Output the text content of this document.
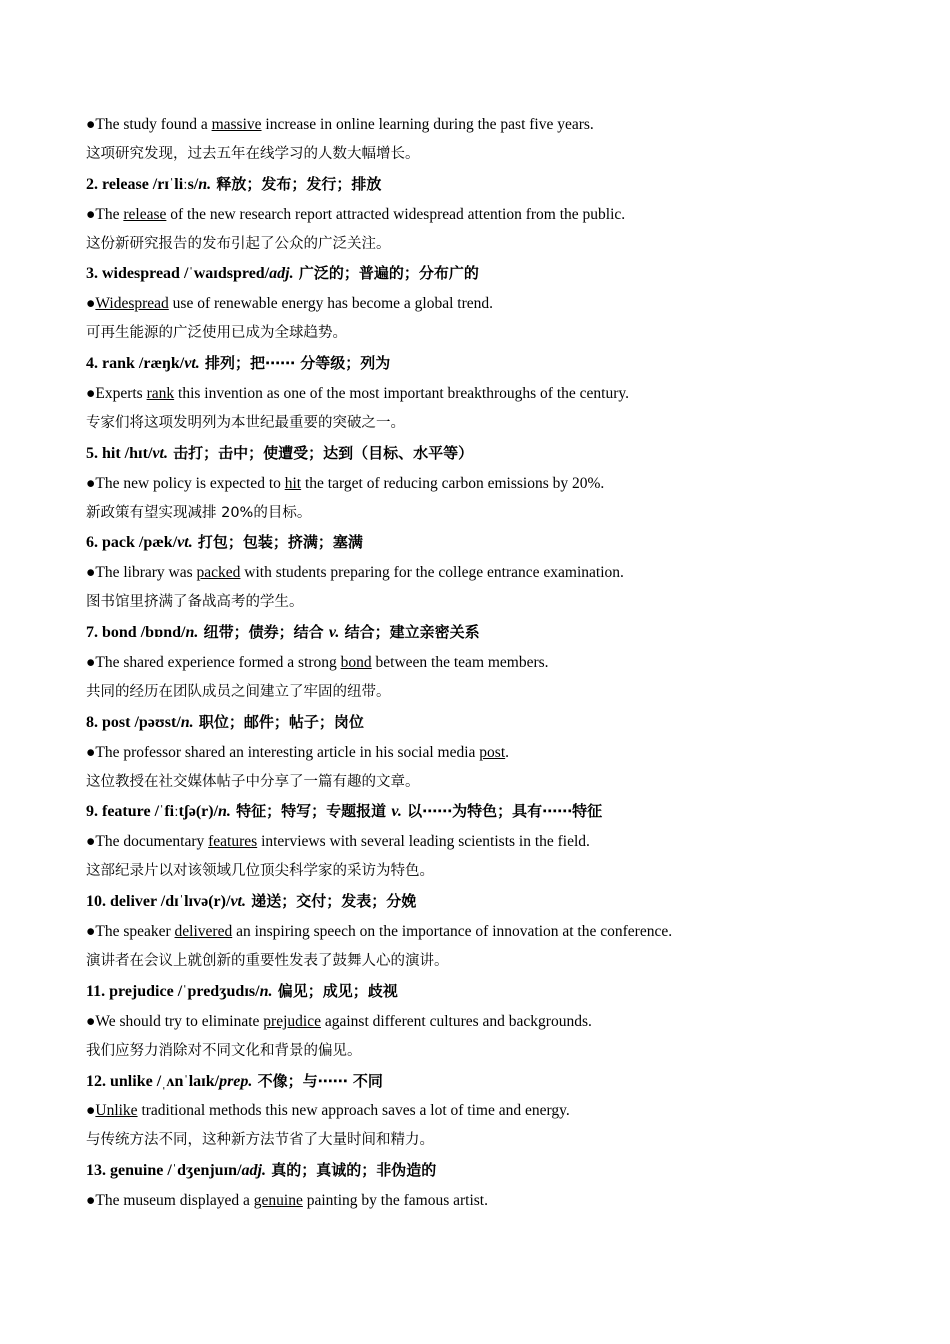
●The study found a massive increase in online learning during the past five years.
这项研究发现，过去五年在线学习的人数大幅增长。
2. release /rɪˈliːs/n. 释放；发布；发行；排放
●The release of the new research report attracted widespread attention from the public.
这份新研究报告的发布引起了公众的广泛关注。
3. widespread /ˈwaɪdspred/adj. 广泛的；普遍的；分布广的
●Widespread use of renewable energy has become a global trend.
可再生能源的广泛使用已成为全球趋势。
4. rank /ræŋk/vt. 排列；把⋯⋯ 分等级；列为
●Experts rank this invention as one of the most important breakthroughs of the century.
专家们将这项发明列为本世纪最重要的突破之一。
5. hit /hɪt/vt. 击打；击中；使遭受；达到（目标、水平等）
●The new policy is expected to hit the target of reducing carbon emissions by 20%.
新政策有望实现减排 20%的目标。
6. pack /pæk/vt. 打包；包装；挤满；塞满
●The library was packed with students preparing for the college entrance examination.
图书馆里挤满了备战高考的学生。
7. bond /bɒnd/n. 纽带；债券；结合 v. 结合；建立亲密关系
●The shared experience formed a strong bond between the team members.
共同的经历在团队成员之间建立了牢固的纽带。
8. post /pəʊst/n. 职位；邮件；帖子；岗位
●The professor shared an interesting article in his social media post.
这位教授在社交媒体帖子中分享了一篇有趣的文章。
9. feature /ˈfiːtʃə(r)/n. 特征；特写；专题报道 v. 以⋯⋯为特色；具有⋯⋯特征
●The documentary features interviews with several leading scientists in the field.
这部纪录片以对该领域几位顶尖科学家的采访为特色。
10. deliver /dɪˈlɪvə(r)/vt. 递送；交付；发表；分娩
●The speaker delivered an inspiring speech on the importance of innovation at the conference.
演讲者在会议上就创新的重要性发表了鼓舞人心的演讲。
11. prejudice /ˈpredʒudɪs/n. 偏见；成见；歧视
●We should try to eliminate prejudice against different cultures and backgrounds.
我们应努力消除对不同文化和背景的偏见。
12. unlike /ˌʌnˈlaɪk/prep. 不像；与⋯⋯ 不同
●Unlike traditional methods this new approach saves a lot of time and energy.
与传统方法不同，这种新方法节省了大量时间和精力。
13. genuine /ˈdʒenjuɪn/adj. 真的；真诚的；非伪造的
●The museum displayed a genuine painting by the famous artist.
